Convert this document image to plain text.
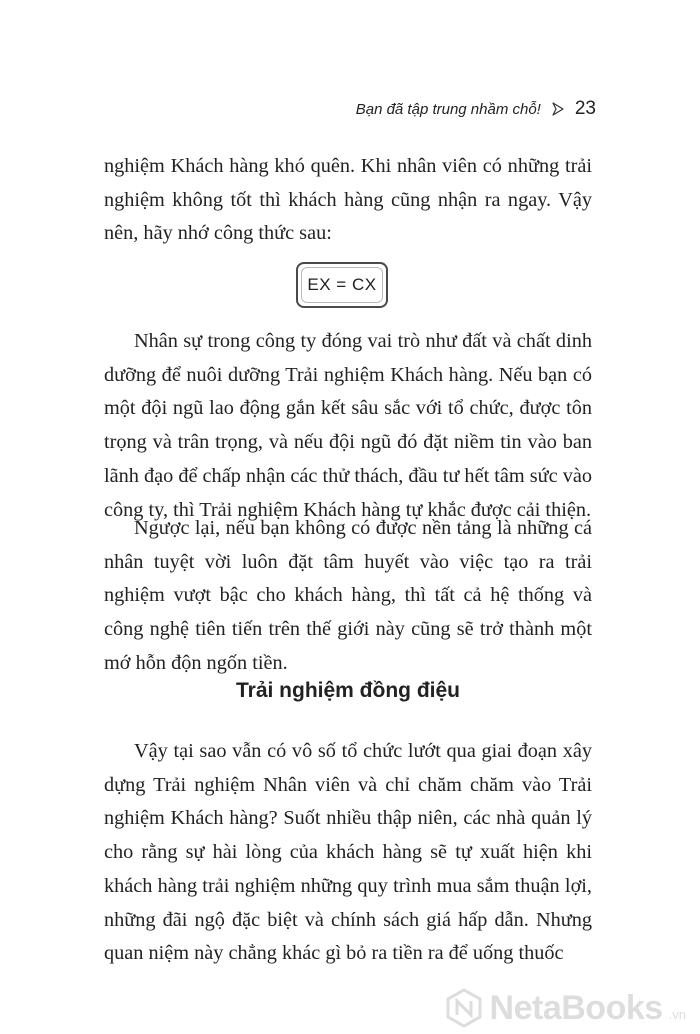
Bạn đã tập trung nhầm chỗ! 23

nghiệm Khách hàng khó quên. Khi nhân viên có những trải nghiệm không tốt thì khách hàng cũng nhận ra ngay. Vậy nên, hãy nhớ công thức sau:

EX = CX

Nhân sự trong công ty đóng vai trò như đất và chất dinh dưỡng để nuôi dưỡng Trải nghiệm Khách hàng. Nếu bạn có một đội ngũ lao động gắn kết sâu sắc với tổ chức, được tôn trọng và trân trọng, và nếu đội ngũ đó đặt niềm tin vào ban lãnh đạo để chấp nhận các thử thách, đầu tư hết tâm sức vào công ty, thì Trải nghiệm Khách hàng tự khắc được cải thiện.

Ngược lại, nếu bạn không có được nền tảng là những cá nhân tuyệt vời luôn đặt tâm huyết vào việc tạo ra trải nghiệm vượt bậc cho khách hàng, thì tất cả hệ thống và công nghệ tiên tiến trên thế giới này cũng sẽ trở thành một mớ hỗn độn ngốn tiền.

Trải nghiệm đồng điệu

Vậy tại sao vẫn có vô số tổ chức lướt qua giai đoạn xây dựng Trải nghiệm Nhân viên và chỉ chăm chăm vào Trải nghiệm Khách hàng? Suốt nhiều thập niên, các nhà quản lý cho rằng sự hài lòng của khách hàng sẽ tự xuất hiện khi khách hàng trải nghiệm những quy trình mua sắm thuận lợi, những đãi ngộ đặc biệt và chính sách giá hấp dẫn. Nhưng quan niệm này chẳng khác gì bỏ ra tiền ra để uống thuốc

NetaBooks .vn
